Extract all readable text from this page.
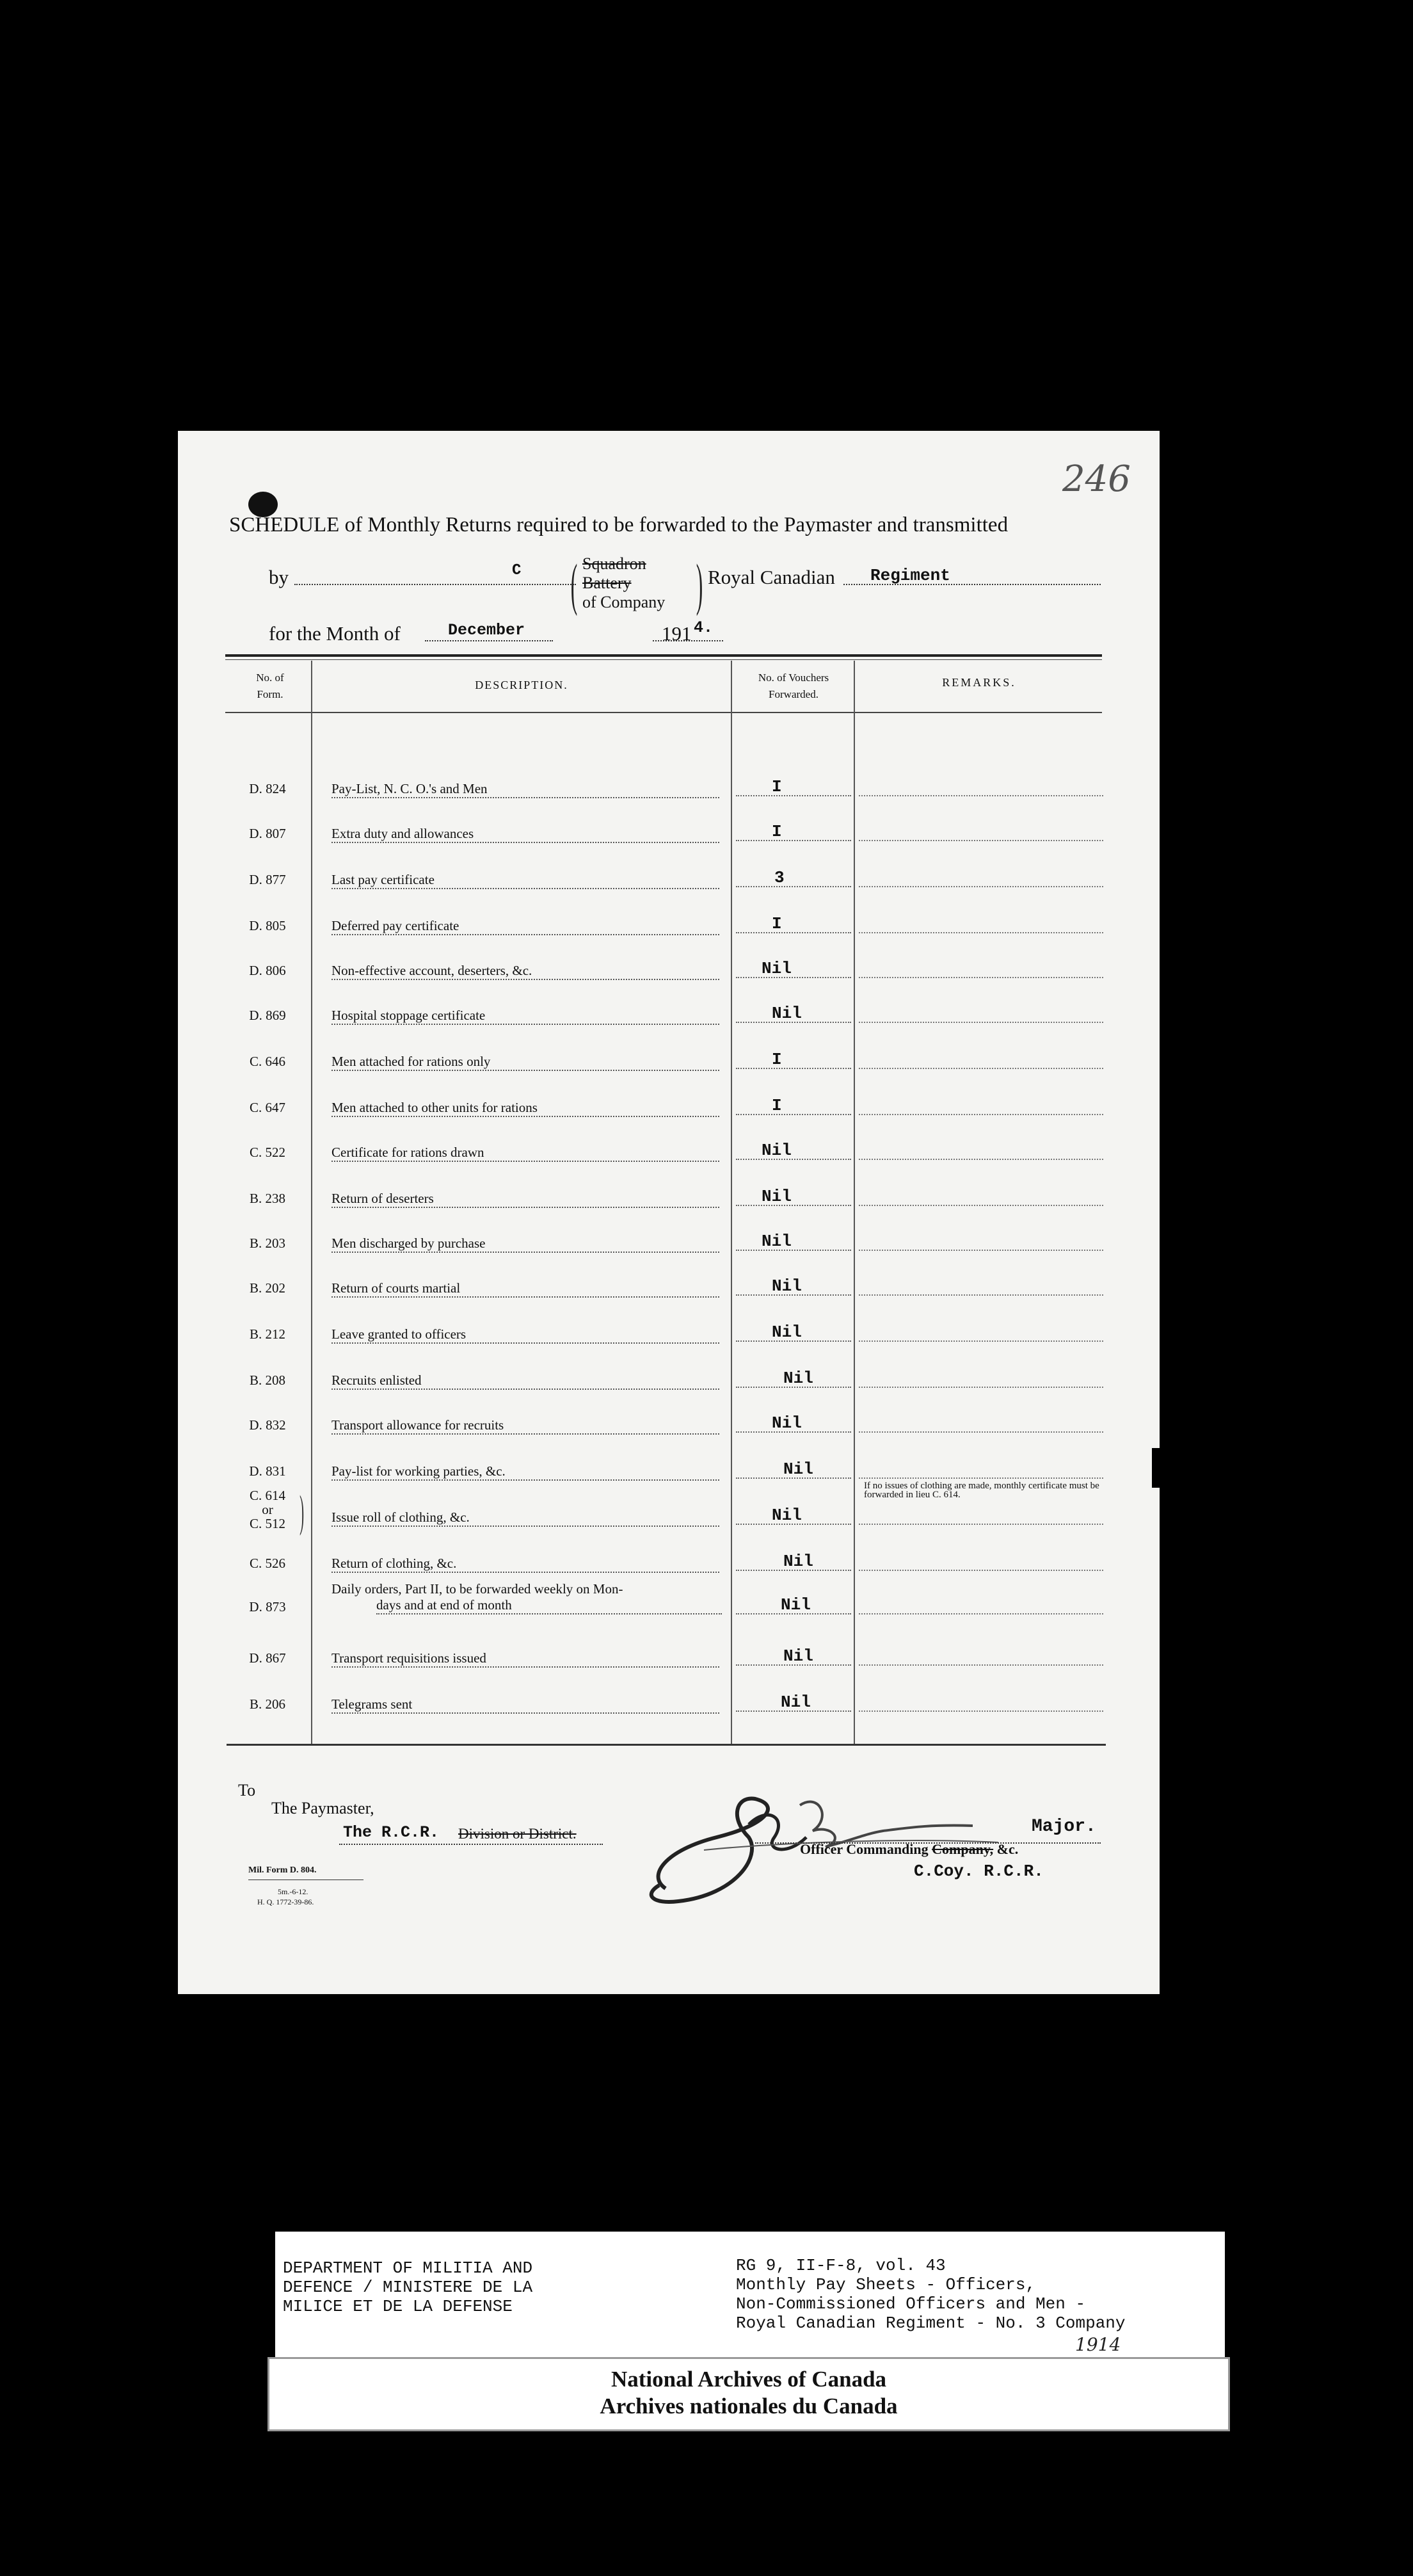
246
SCHEDULE of Monthly Returns required to be forwarded to the Paymaster and transmitted
by	C	Squadron
Battery
of Company
( ) Royal Canadian Regiment
for the Month of	December	191 4.
No. of Form.
DESCRIPTION.
No. of Vouchers Forwarded.
REMARKS.
D. 824	Pay-List, N. C. O.'s and Men	I
D. 807	Extra duty and allowances	I
D. 877	Last pay certificate	3
D. 805	Deferred pay certificate	I
D. 806	Non-effective account, deserters, &c.	Nil
D. 869	Hospital stoppage certificate	Nil
C. 646	Men attached for rations only	I
C. 647	Men attached to other units for rations	I
C. 522	Certificate for rations drawn	Nil
B. 238	Return of deserters	Nil
B. 203	Men discharged by purchase	Nil
B. 202	Return of courts martial	Nil
B. 212	Leave granted to officers	Nil
B. 208	Recruits enlisted	Nil
D. 832	Transport allowance for recruits	Nil
D. 831	Pay-list for working parties, &c.	Nil
C. 614
or
C. 512 ) Issue roll of clothing, &c.	Nil
If no issues of clothing are made, monthly certificate must be forwarded in lieu C. 614.
C. 526	Return of clothing, &c.	Nil
D. 873
Daily orders, Part II, to be forwarded weekly on Mon-
days and at end of month	Nil
D. 867	Transport requisitions issued	Nil
B. 206	Telegrams sent	Nil
To
The Paymaster,
The R.C.R. Division or District.	Major.
Officer Commanding Company, &c.
C.Coy. R.C.R.
Mil. Form D. 804.
5m.-6-12.
H. Q. 1772-39-86.
DEPARTMENT OF MILITIA AND
DEFENCE / MINISTERE DE LA
MILICE ET DE LA DEFENSE
RG 9, II-F-8, vol. 43
Monthly Pay Sheets - Officers,
Non-Commissioned Officers and Men -
Royal Canadian Regiment - No. 3 Company
1914
National Archives of Canada
Archives nationales du Canada
